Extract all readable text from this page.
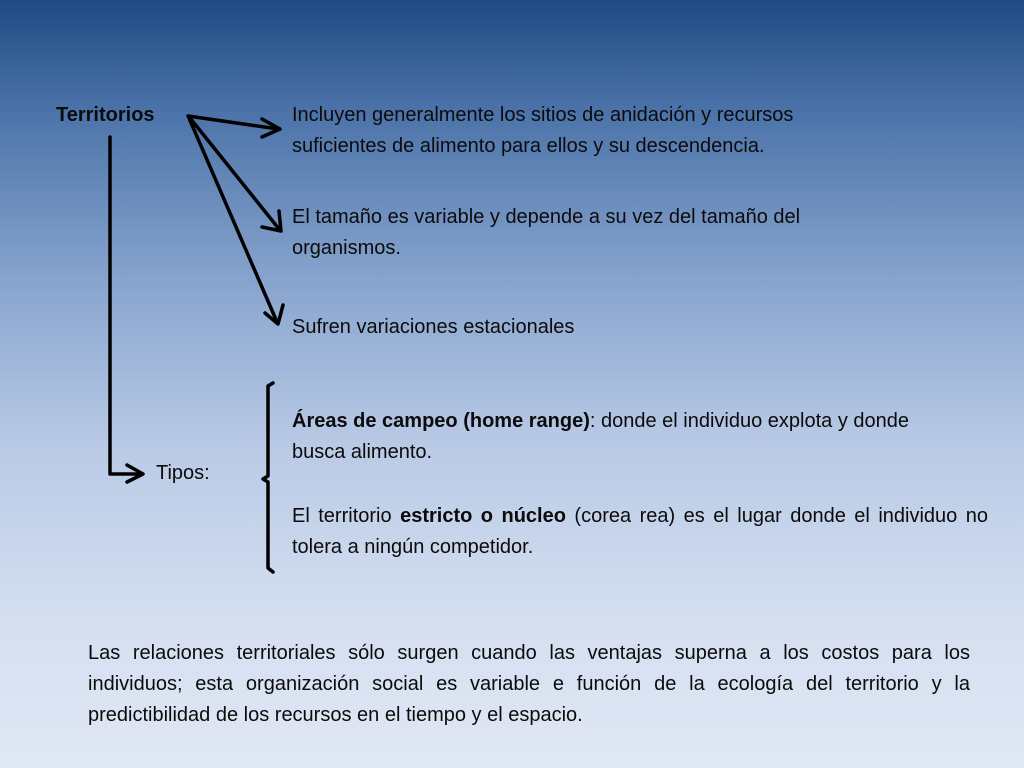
Territorios	Incluyen generalmente los sitios de anidación y recursos suficientes de alimento para ellos y su descendencia.
El tamaño es variable y depende a su vez del tamaño del organismos.
Sufren variaciones estacionales
Tipos:
Áreas de campeo (home range): donde el individuo explota y donde busca alimento.
El territorio estricto o núcleo (corea rea) es el lugar donde el individuo no tolera a ningún competidor.
Las relaciones territoriales sólo surgen cuando las ventajas superna a los costos para los individuos; esta organización social es variable e función de la ecología del territorio y la predictibilidad de los recursos en el tiempo y el espacio.
